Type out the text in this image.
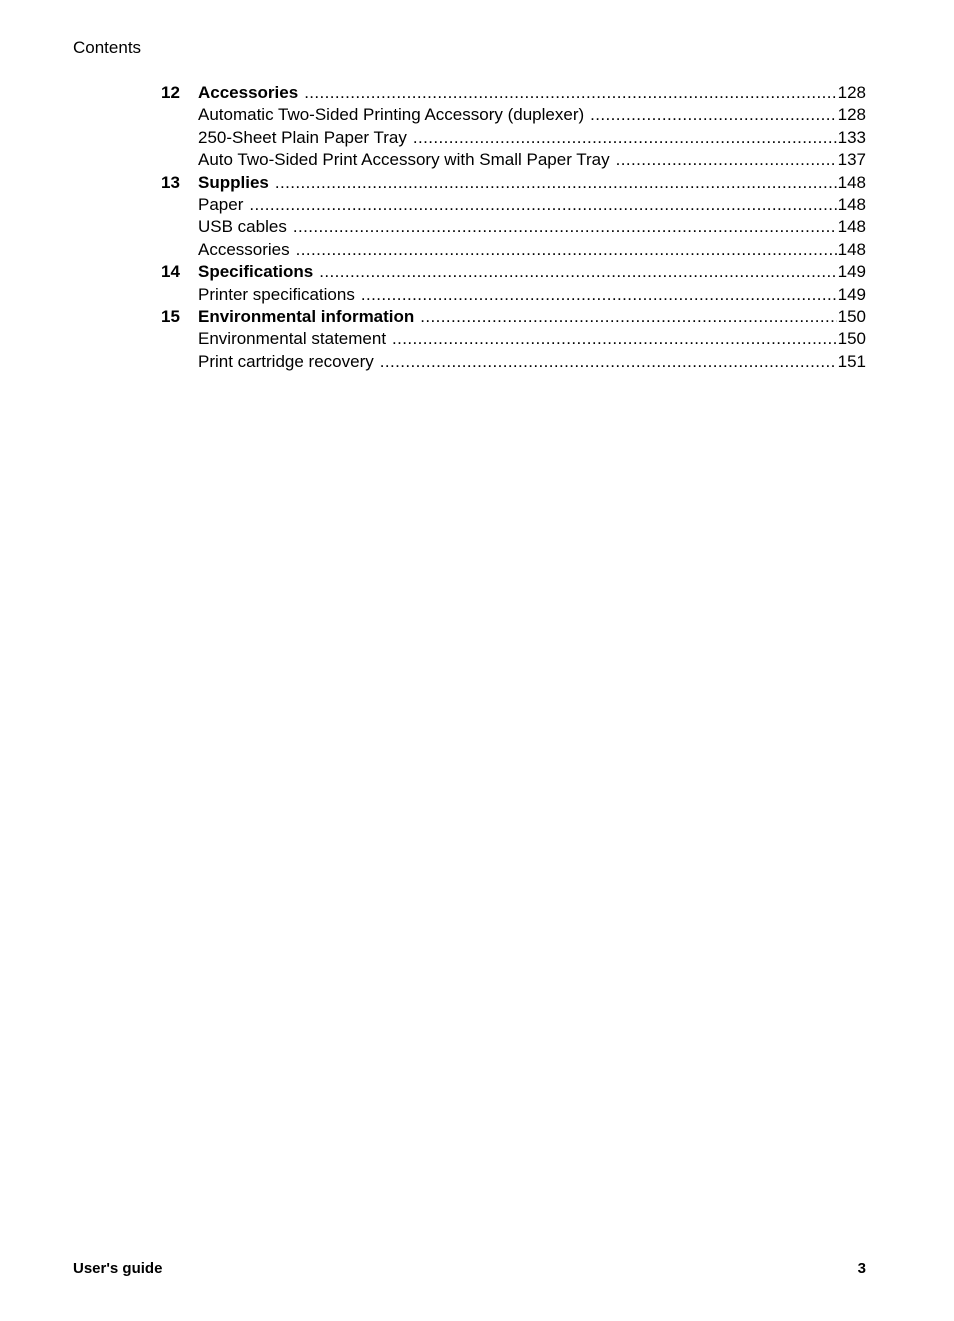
Contents
12	Accessories .....	128
Automatic Two-Sided Printing Accessory (duplexer) .....	128
250-Sheet Plain Paper Tray .....	133
Auto Two-Sided Print Accessory with Small Paper Tray .....	137
13	Supplies .....	148
Paper .....	148
USB cables .....	148
Accessories .....	148
14	Specifications .....	149
Printer specifications .....	149
15	Environmental information .....	150
Environmental statement .....	150
Print cartridge recovery .....	151
User's guide	3
